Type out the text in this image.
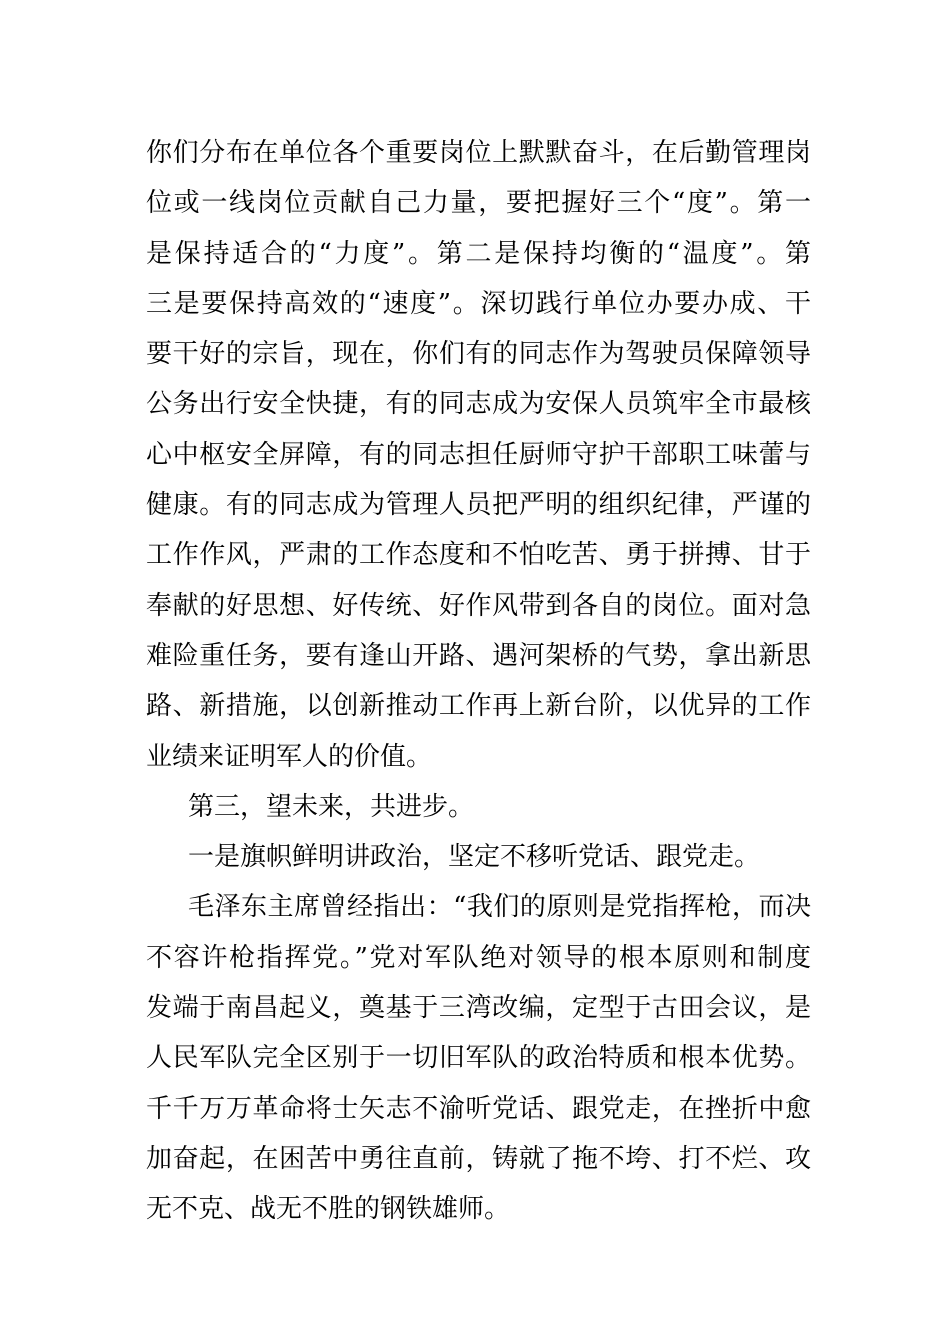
你们分布在单位各个重要岗位上默默奋斗，在后勤管理岗
位或一线岗位贡献自己力量，要把握好三个“度”。第一
是保持适合的“力度”。第二是保持均衡的“温度”。第
三是要保持高效的“速度”。深切践行单位办要办成、干
要干好的宗旨，现在，你们有的同志作为驾驶员保障领导
公务出行安全快捷，有的同志成为安保人员筑牢全市最核
心中枢安全屏障，有的同志担任厨师守护干部职工味蕾与
健康。有的同志成为管理人员把严明的组织纪律，严谨的
工作作风，严肃的工作态度和不怕吃苦、勇于拼搏、甘于
奉献的好思想、好传统、好作风带到各自的岗位。面对急
难险重任务，要有逢山开路、遇河架桥的气势，拿出新思
路、新措施，以创新推动工作再上新台阶，以优异的工作
业绩来证明军人的价值。
第三，望未来，共进步。
一是旗帜鲜明讲政治，坚定不移听党话、跟党走。
毛泽东主席曾经指出：“我们的原则是党指挥枪，而决
不容许枪指挥党。”党对军队绝对领导的根本原则和制度
发端于南昌起义，奠基于三湾改编，定型于古田会议，是
人民军队完全区别于一切旧军队的政治特质和根本优势。
千千万万革命将士矢志不渝听党话、跟党走，在挫折中愈
加奋起，在困苦中勇往直前，铸就了拖不垮、打不烂、攻
无不克、战无不胜的钢铁雄师。
